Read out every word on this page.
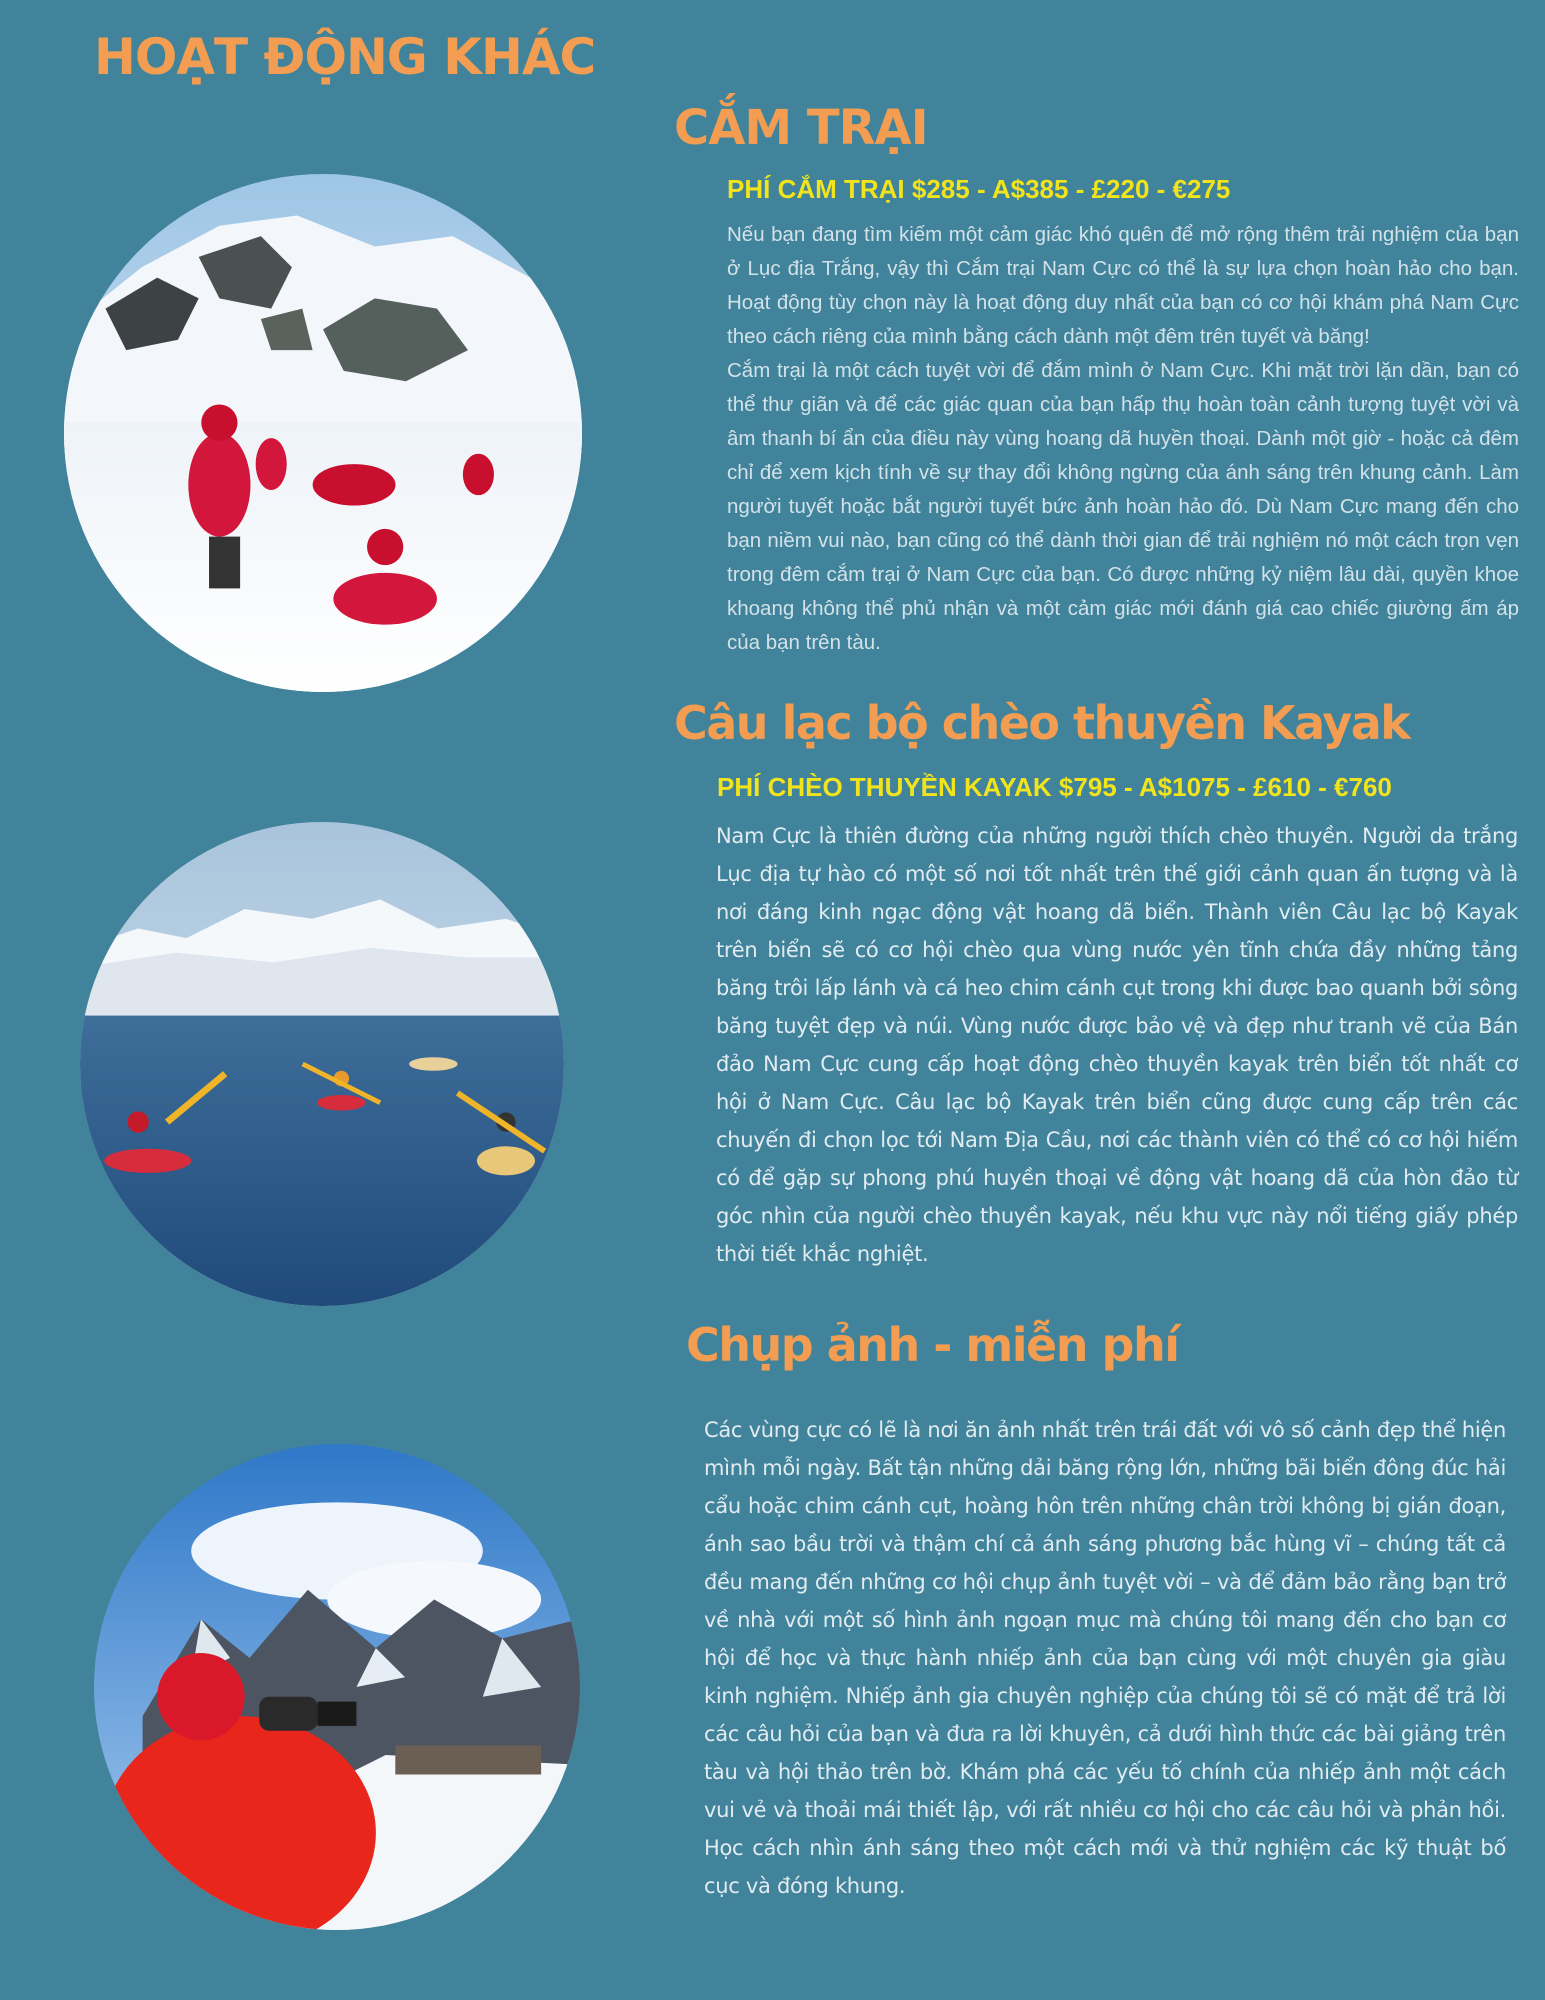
HOẠT ĐỘNG KHÁC
CẮM TRẠI
PHÍ CẮM TRẠI $285 - A$385 - £220 - €275

Nếu bạn đang tìm kiếm một cảm giác khó quên để mở rộng thêm trải nghiệm của bạn ở Lục địa Trắng, vậy thì Cắm trại Nam Cực có thể là sự lựa chọn hoàn hảo cho bạn. Hoạt động tùy chọn này là hoạt động duy nhất của bạn có cơ hội khám phá Nam Cực theo cách riêng của mình bằng cách dành một đêm trên tuyết và băng!

Cắm trại là một cách tuyệt vời để đắm mình ở Nam Cực. Khi mặt trời lặn dần, bạn có thể thư giãn và để các giác quan của bạn hấp thụ hoàn toàn cảnh tượng tuyệt vời và âm thanh bí ẩn của điều này vùng hoang dã huyền thoại. Dành một giờ - hoặc cả đêm chỉ để xem kịch tính về sự thay đổi không ngừng của ánh sáng trên khung cảnh. Làm người tuyết hoặc bắt người tuyết bức ảnh hoàn hảo đó. Dù Nam Cực mang đến cho bạn niềm vui nào, bạn cũng có thể dành thời gian để trải nghiệm nó một cách trọn vẹn trong đêm cắm trại ở Nam Cực của bạn. Có được những kỷ niệm lâu dài, quyền khoe khoang không thể phủ nhận và một cảm giác mới đánh giá cao chiếc giường ấm áp của bạn trên tàu.

Câu lạc bộ chèo thuyền Kayak
PHÍ CHÈO THUYỀN KAYAK $795 - A$1075 - £610 - €760

Nam Cực là thiên đường của những người thích chèo thuyền. Người da trắng Lục địa tự hào có một số nơi tốt nhất trên thế giới cảnh quan ấn tượng và là nơi đáng kinh ngạc động vật hoang dã biển. Thành viên Câu lạc bộ Kayak trên biển sẽ có cơ hội chèo qua vùng nước yên tĩnh chứa đầy những tảng băng trôi lấp lánh và cá heo chim cánh cụt trong khi được bao quanh bởi sông băng tuyệt đẹp và núi. Vùng nước được bảo vệ và đẹp như tranh vẽ của Bán đảo Nam Cực cung cấp hoạt động chèo thuyền kayak trên biển tốt nhất cơ hội ở Nam Cực. Câu lạc bộ Kayak trên biển cũng được cung cấp trên các chuyến đi chọn lọc tới Nam Địa Cầu, nơi các thành viên có thể có cơ hội hiếm có để gặp sự phong phú huyền thoại về động vật hoang dã của hòn đảo từ góc nhìn của người chèo thuyền kayak, nếu khu vực này nổi tiếng giấy phép thời tiết khắc nghiệt.

Chụp ảnh - miễn phí

Các vùng cực có lẽ là nơi ăn ảnh nhất trên trái đất với vô số cảnh đẹp thể hiện mình mỗi ngày. Bất tận những dải băng rộng lớn, những bãi biển đông đúc hải cẩu hoặc chim cánh cụt, hoàng hôn trên những chân trời không bị gián đoạn, ánh sao bầu trời và thậm chí cả ánh sáng phương bắc hùng vĩ – chúng tất cả đều mang đến những cơ hội chụp ảnh tuyệt vời – và để đảm bảo rằng bạn trở về nhà với một số hình ảnh ngoạn mục mà chúng tôi mang đến cho bạn cơ hội để học và thực hành nhiếp ảnh của bạn cùng với một chuyên gia giàu kinh nghiệm. Nhiếp ảnh gia chuyên nghiệp của chúng tôi sẽ có mặt để trả lời các câu hỏi của bạn và đưa ra lời khuyên, cả dưới hình thức các bài giảng trên tàu và hội thảo trên bờ. Khám phá các yếu tố chính của nhiếp ảnh một cách vui vẻ và thoải mái thiết lập, với rất nhiều cơ hội cho các câu hỏi và phản hồi. Học cách nhìn ánh sáng theo một cách mới và thử nghiệm các kỹ thuật bố cục và đóng khung.
